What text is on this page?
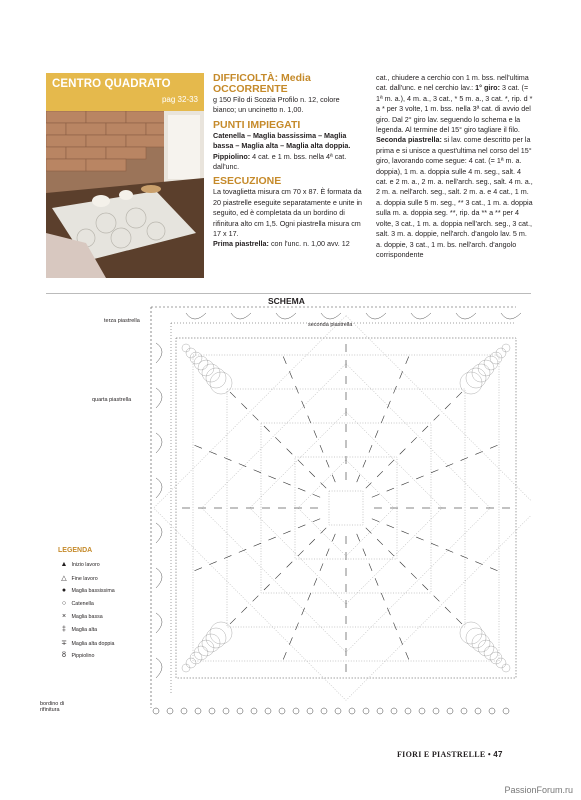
CENTRO QUADRATO
pag 32-33

DIFFICOLTÀ: Media

OCCORRENTE

g 150 Filo di Scozia Profilo n. 12, colore bianco; un uncinetto n. 1,00.

PUNTI IMPIEGATI

Catenella – Maglia bassissima – Maglia bassa – Maglia alta – Maglia alta doppia.

Pippiolino: 4 cat. e 1 m. bss. nella 4ª cat. dall'unc.

ESECUZIONE

La tovaglietta misura cm 70 x 87. È formata da 20 piastrelle eseguite separatamente e unite in seguito, ed è completata da un bordino di rifinitura alto cm 1,5. Ogni piastrella misura cm 17 x 17.

Prima piastrella: con l'unc. n. 1,00 avv. 12

cat., chiudere a cerchio con 1 m. bss. nell'ultima cat. dall'unc. e nel cerchio lav.: 1° giro: 3 cat. (= 1ª m. a.), 4 m. a., 3 cat., * 5 m. a., 3 cat. *, rip. d * a * per 3 volte, 1 m. bss. nella 3ª cat. di avvio del giro. Dal 2° giro lav. seguendo lo schema e la legenda. Al termine del 15° giro tagliare il filo.

Seconda piastrella: si lav. come descritto per la prima e si unisce a quest'ultima nel corso del 15° giro, lavorando come segue: 4 cat. (= 1ª m. a. doppia), 1 m. a. doppia sulle 4 m. seg., salt. 4 cat. e 2 m. a., 2 m. a. nell'arch. seg., salt. 4 m. a., 2 m. a. nell'arch. seg., salt. 2 m. a. e 4 cat., 1 m. a. doppia sulle 5 m. seg., ** 3 cat., 1 m. a. doppia sulla m. a. doppia seg. **, rip. da ** a ** per 4 volte, 3 cat., 1 m. a. doppia nell'arch. seg., 3 cat., salt. 3 m. a. doppie, nell'arch. d'angolo lav. 5 m. a. doppie, 3 cat., 1 m. bs. nell'arch. d'angolo corrispondente

SCHEMA
terza piastrella
seconda piastrella
quarta piastrella
bordino di rifinitura
LEGENDA
▲ Inizio lavoro
△ Fine lavoro
● Maglia bassissima
○ Catenella
× Maglia bassa
‡ Maglia alta
∓ Maglia alta doppia
ȣ Pippiolino
FIORI E PIASTRELLE • 47
PassionForum.ru
